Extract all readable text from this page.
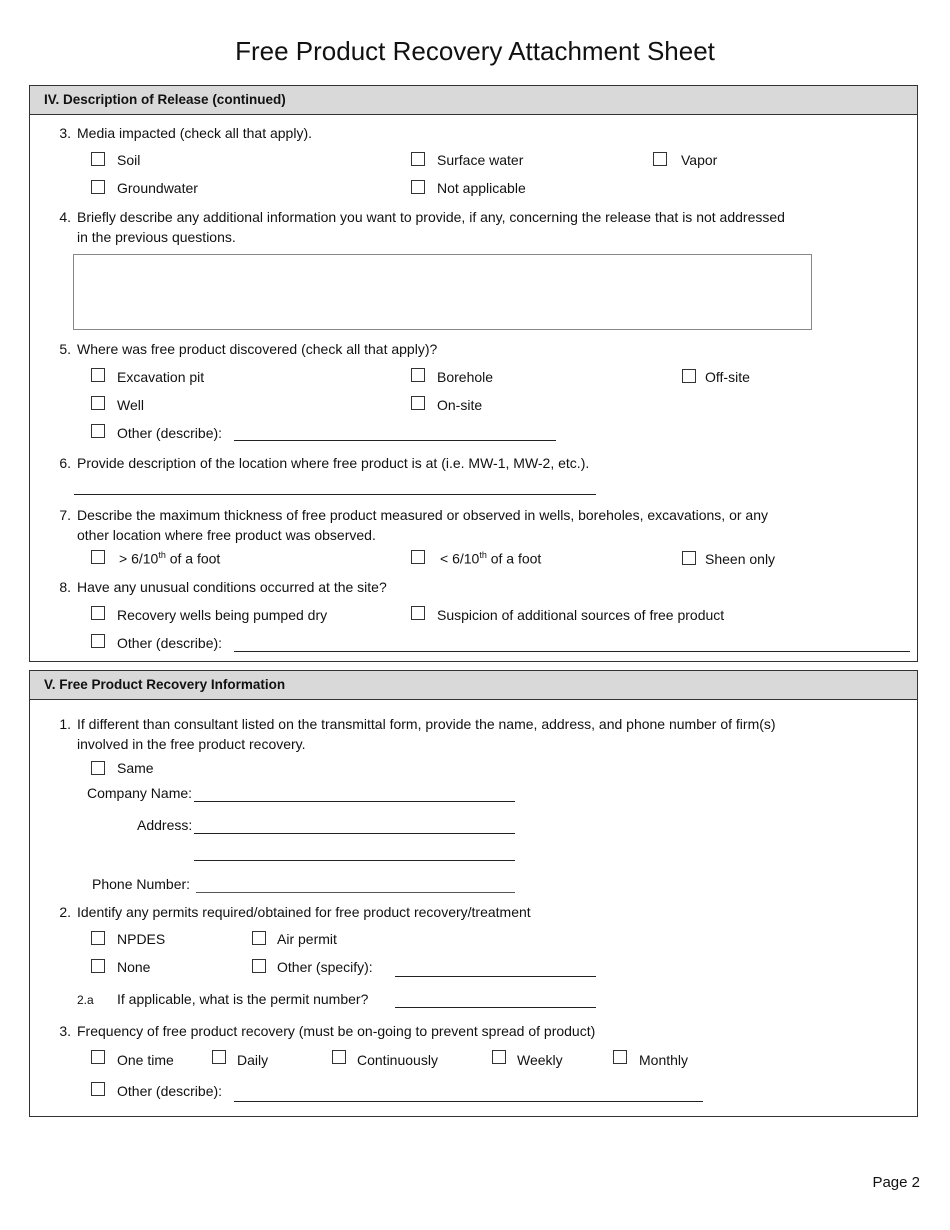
Free Product Recovery Attachment Sheet
IV. Description of Release (continued)
3. Media impacted (check all that apply).
Soil	Surface water	Vapor
Groundwater	Not applicable
4. Briefly describe any additional information you want to provide, if any, concerning the release that is not addressed
in the previous questions.
5. Where was free product discovered (check all that apply)?
Excavation pit	Borehole	Off-site
Well	On-site
Other (describe):
6. Provide description of the location where free product is at (i.e. MW-1, MW-2, etc.).
7. Describe the maximum thickness of free product measured or observed in wells, boreholes, excavations, or any
other location where free product was observed.
> 6/10th of a foot	< 6/10th of a foot	Sheen only
8. Have any unusual conditions occurred at the site?
Recovery wells being pumped dry	Suspicion of additional sources of free product
Other (describe):
V. Free Product Recovery Information
1. If different than consultant listed on the transmittal form, provide the name, address, and phone number of firm(s)
involved in the free product recovery.
Same
Company Name:
Address:
Phone Number:
2. Identify any permits required/obtained for free product recovery/treatment
NPDES	Air permit
None	Other (specify):
2.a If applicable, what is the permit number?
3. Frequency of free product recovery (must be on-going to prevent spread of product)
One time	Daily	Continuously	Weekly	Monthly
Other (describe):
Page 2
